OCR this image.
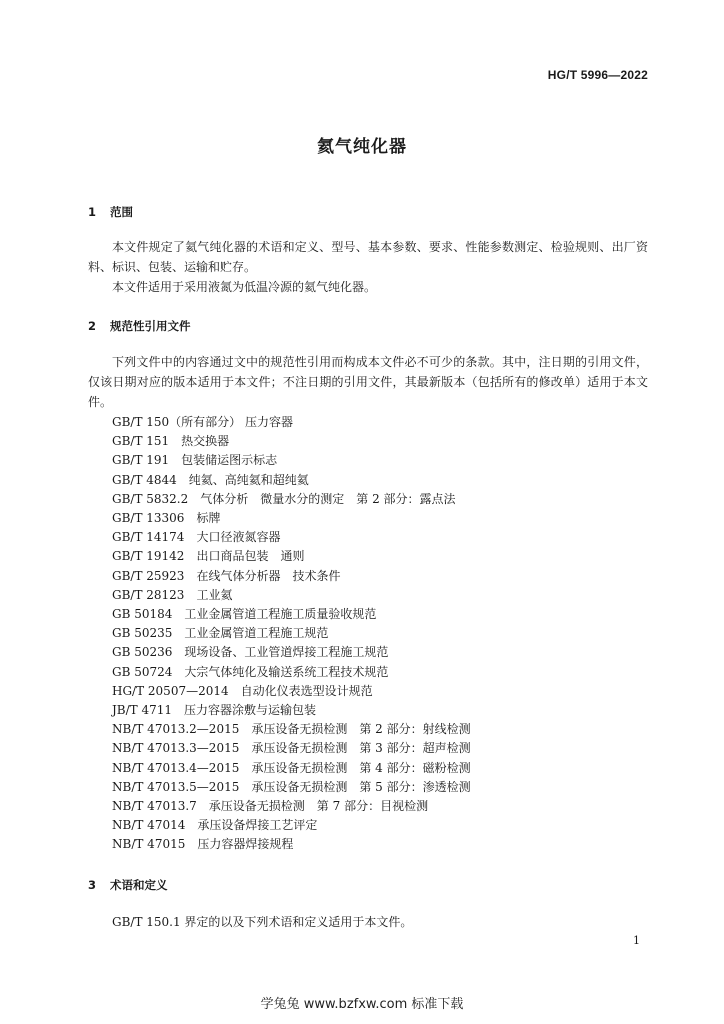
HG/T 5996—2022
氦气纯化器
1 范围

本文件规定了氦气纯化器的术语和定义、型号、基本参数、要求、性能参数测定、检验规则、出厂资料、标识、包装、运输和贮存。

本文件适用于采用液氮为低温冷源的氦气纯化器。

2 规范性引用文件

下列文件中的内容通过文中的规范性引用而构成本文件必不可少的条款。其中，注日期的引用文件，仅该日期对应的版本适用于本文件；不注日期的引用文件，其最新版本（包括所有的修改单）适用于本文件。

GB/T 150（所有部分） 压力容器
GB/T 151　热交换器
GB/T 191　包装储运图示标志
GB/T 4844　纯氦、高纯氦和超纯氦
GB/T 5832.2　气体分析　微量水分的测定　第 2 部分：露点法
GB/T 13306　标牌
GB/T 14174　大口径液氮容器
GB/T 19142　出口商品包装　通则
GB/T 25923　在线气体分析器　技术条件
GB/T 28123　工业氦
GB 50184　工业金属管道工程施工质量验收规范
GB 50235　工业金属管道工程施工规范
GB 50236　现场设备、工业管道焊接工程施工规范
GB 50724　大宗气体纯化及输送系统工程技术规范
HG/T 20507—2014　自动化仪表选型设计规范
JB/T 4711　压力容器涂敷与运输包装
NB/T 47013.2—2015　承压设备无损检测　第 2 部分：射线检测
NB/T 47013.3—2015　承压设备无损检测　第 3 部分：超声检测
NB/T 47013.4—2015　承压设备无损检测　第 4 部分：磁粉检测
NB/T 47013.5—2015　承压设备无损检测　第 5 部分：渗透检测
NB/T 47013.7　承压设备无损检测　第 7 部分：目视检测
NB/T 47014　承压设备焊接工艺评定
NB/T 47015　压力容器焊接规程
3 术语和定义

GB/T 150.1 界定的以及下列术语和定义适用于本文件。

1
学兔兔 www.bzfxw.com 标准下载
